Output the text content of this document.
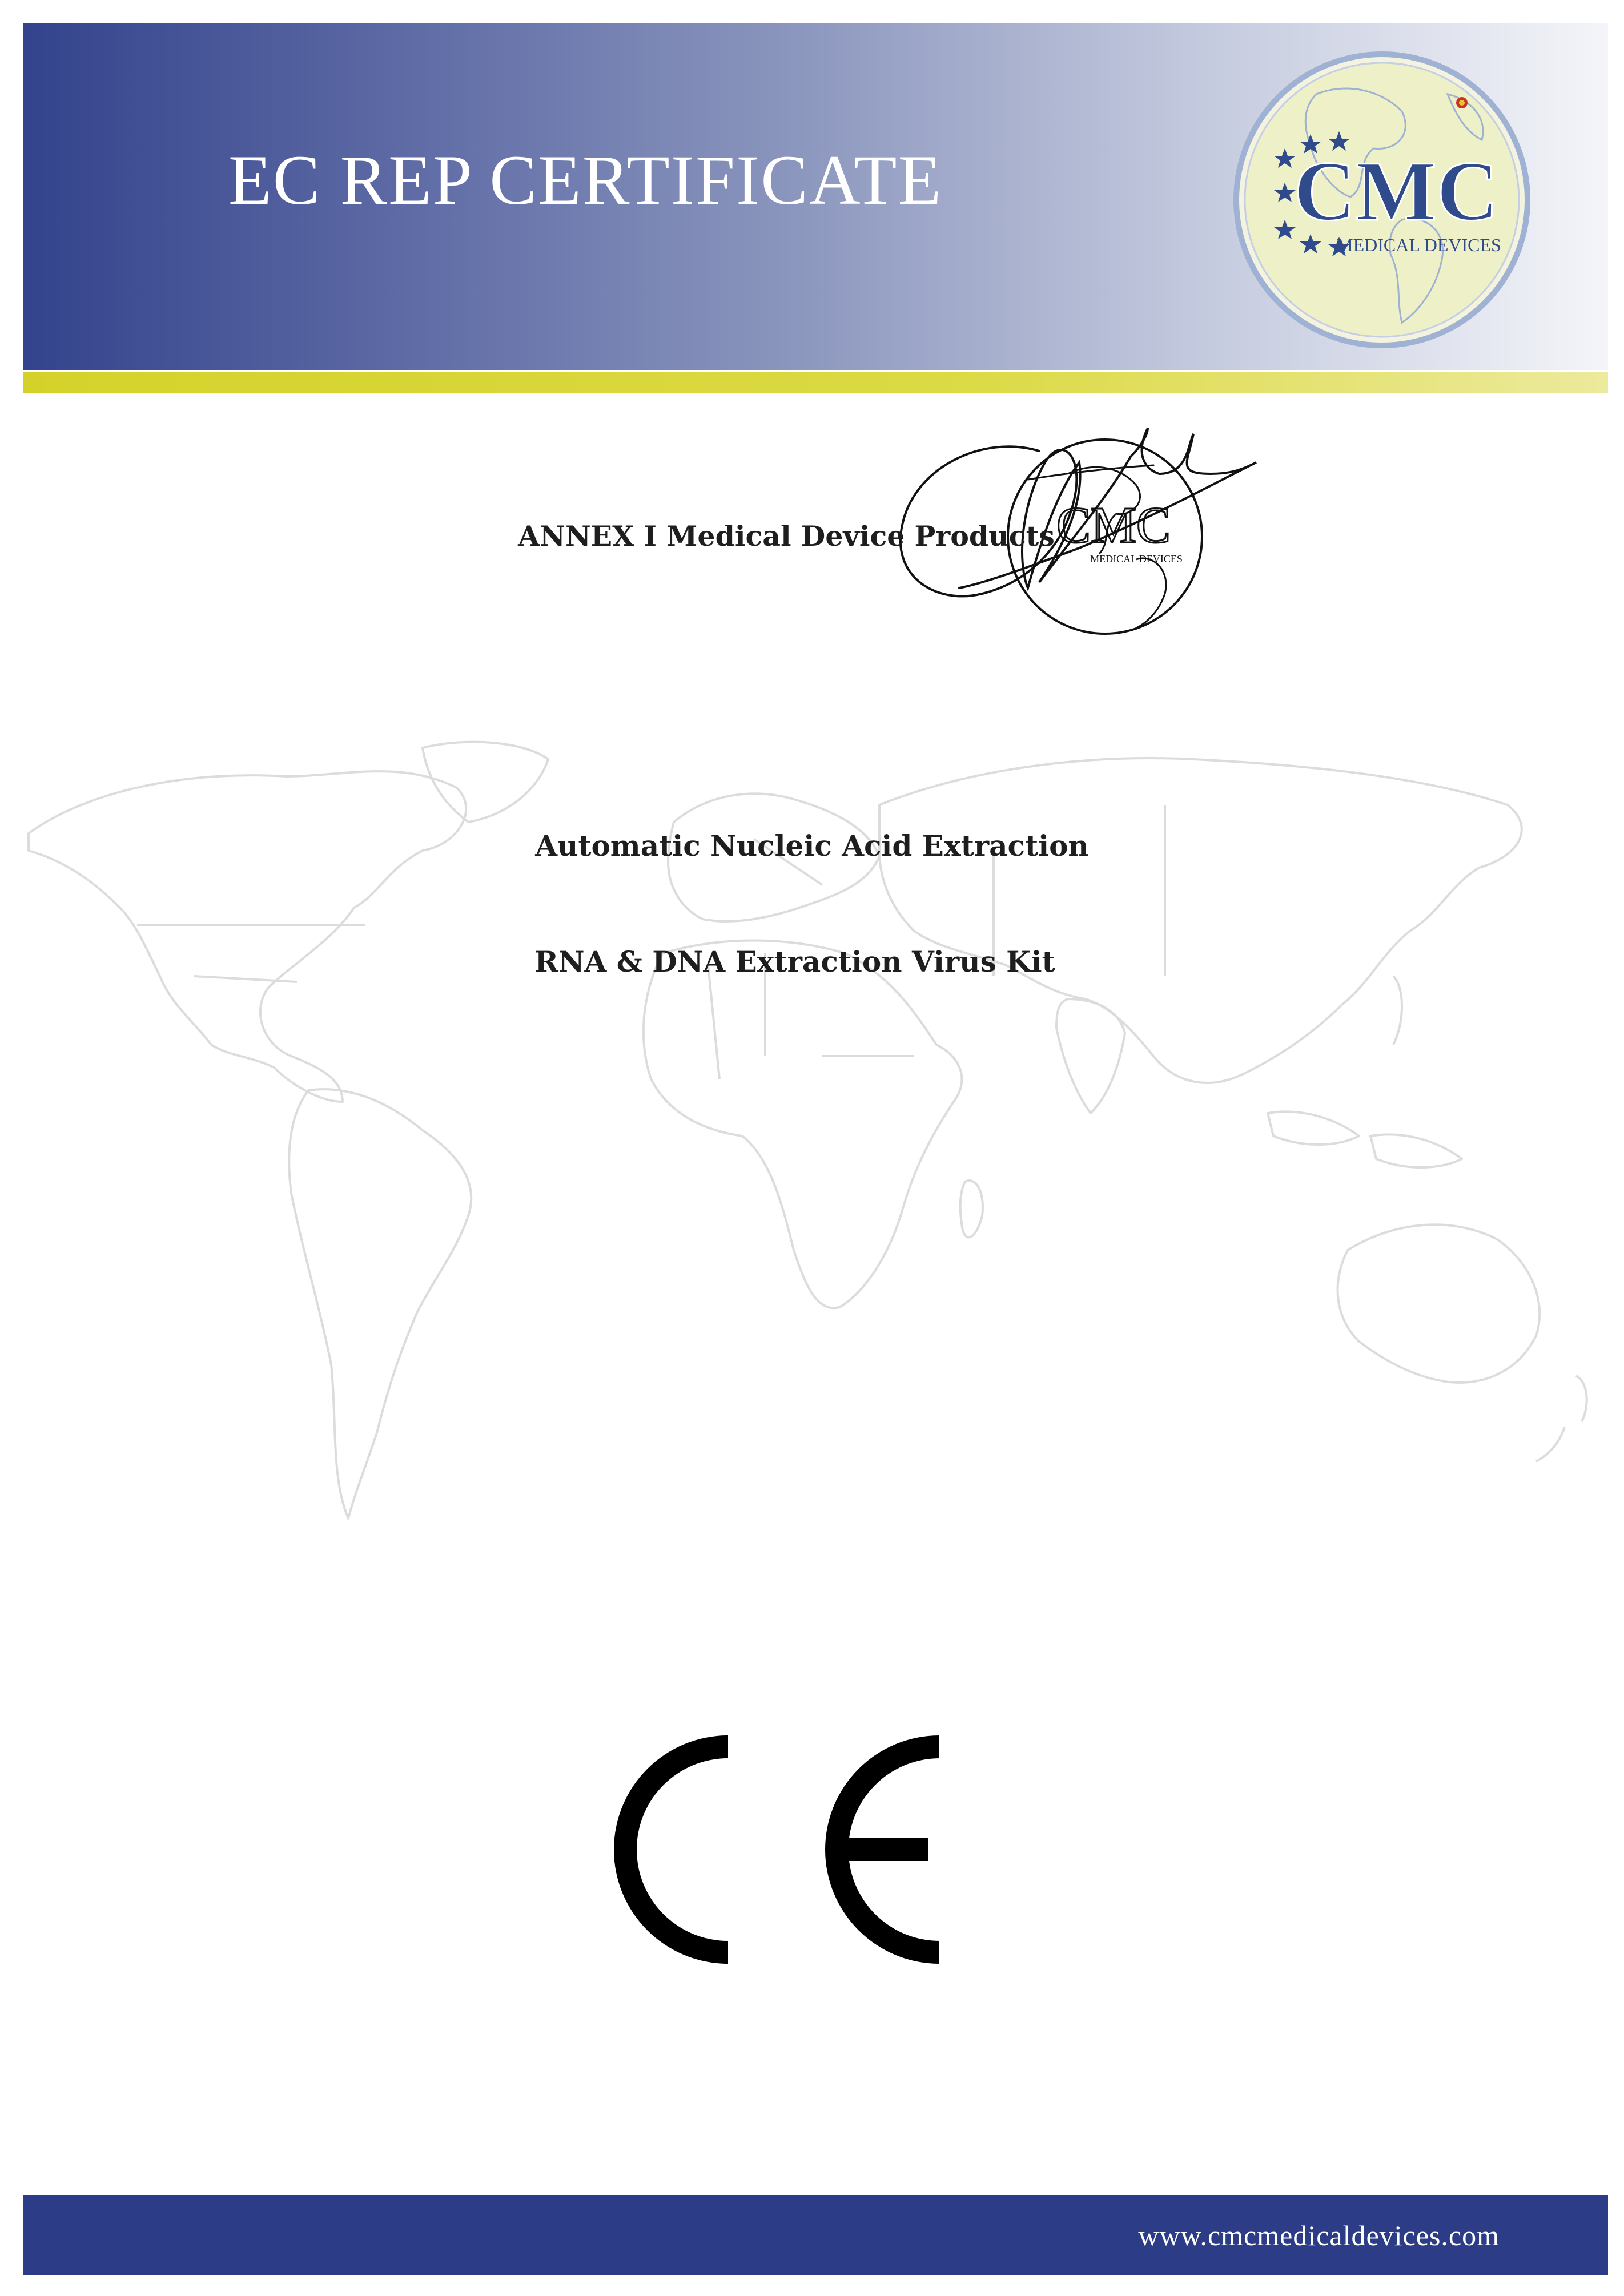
EC REP CERTIFICATE	CMC
MEDICAL DEVICES
CMC
MEDICAL DEVICES
ANNEX I Medical Device Products
Automatic Nucleic Acid Extraction
RNA & DNA Extraction Virus Kit
www.cmcmedicaldevices.com
